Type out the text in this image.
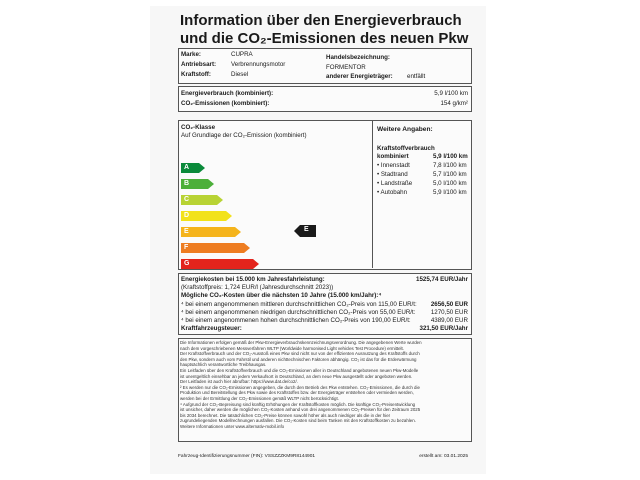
Information über den Energieverbrauch
und die CO₂-Emissionen des neuen Pkw
Marke:	CUPRA
Antriebsart: Verbrennungsmotor
Kraftstoff:	Diesel
Handelsbezeichnung:
FORMENTOR
anderer Energieträger: entfällt
Energieverbrauch (kombiniert):	5,9 l/100 km
CO₂-Emissionen (kombiniert):	154 g/km²
CO₂-Klasse
Auf Grundlage der CO₂-Emission (kombiniert)
A
B
C
D
E
F
G
E
Weitere Angaben:
Kraftstoffverbrauch
kombiniert	5,9 l/100 km
• Innenstadt	7,8 l/100 km
• Stadtrand	5,7 l/100 km
• Landstraße	5,0 l/100 km
• Autobahn	5,9 l/100 km
Energiekosten bei 15.000 km Jahresfahrleistung:	1525,74 EUR/Jahr
(Kraftstoffpreis: 1,724 EUR/l (Jahresdurchschnitt 2023))
Mögliche CO₂-Kosten über die nächsten 10 Jahre (15.000 km/Jahr):⁴
⁴ bei einem angenommenen mittleren durchschnittlichen CO₂-Preis von 115,00 EUR/t: 2656,50 EUR
⁴ bei einem angenommenen niedrigen durchschnittlichen CO₂-Preis von 55,00 EUR/t: 1270,50 EUR
⁴ bei einem angenommenen hohen durchschnittlichen CO₂-Preis von 190,00 EUR/t:	4389,00 EUR
Kraftfahrzeugsteuer:	321,50 EUR/Jahr
Die Informationen erfolgen gemäß der Pkw-Energieverbrauchskennzeichnungsverordnung. Die angegebenen Werte wurden
nach dem vorgeschriebenen Messverfahren WLTP (Worldwide harmonised Light vehicles Test Procedure) ermittelt.
Der Kraftstoffverbrauch und der CO₂-Ausstoß eines Pkw sind nicht nur von der effizienten Ausnutzung des Kraftstoffs durch
den Pkw, sondern auch vom Fahrstil und anderen nichttechnischen Faktoren abhängig. CO₂ ist das für die Erderwärmung
hauptsächlich verantwortliche Treibhausgas.
Ein Leitfaden über den Kraftstoffverbrauch und die CO₂-Emissionen aller in Deutschland angebotenen neuen Pkw-Modelle
ist unentgeltlich einsehbar an jedem Verkaufsort in Deutschland, an dem neue Pkw ausgestellt oder angeboten werden.
Der Leitfaden ist auch hier abrufbar: https://www.dat.de/co2/.
² Es werden nur die CO₂-Emissionen angegeben, die durch den Betrieb des Pkw entstehen. CO₂-Emissionen, die durch die
Produktion und Bereitstellung des Pkw sowie des Kraftstoffes bzw. der Energieträger entstehen oder vermieden werden,
werden bei der Ermittlung der CO₂-Emissionen gemäß WLTP nicht berücksichtigt.
⁴ Aufgrund der CO₂-Bepreisung sind künftig Erhöhungen der Kraftstoffkosten möglich. Die künftige CO₂-Preisentwicklung
ist unsicher, daher werden die möglichen CO₂-Kosten anhand von drei angenommenen CO₂-Preisen für den Zeitraum 2025
bis 2034 berechnet. Die tatsächlichen CO₂-Preise können sowohl höher als auch niedriger als die in der hier
zugrundeliegenden Modellrechnungen ausfallen. Die CO₂-Kosten sind beim Tanken mit den Kraftstoffkosten zu bezahlen.
Weitere Informationen unter www.alternativ-mobil.info
Fahrzeug-Identifizierungsnummer (FIN): VSSZZZKM9R8144901	erstellt am: 03.01.2025
